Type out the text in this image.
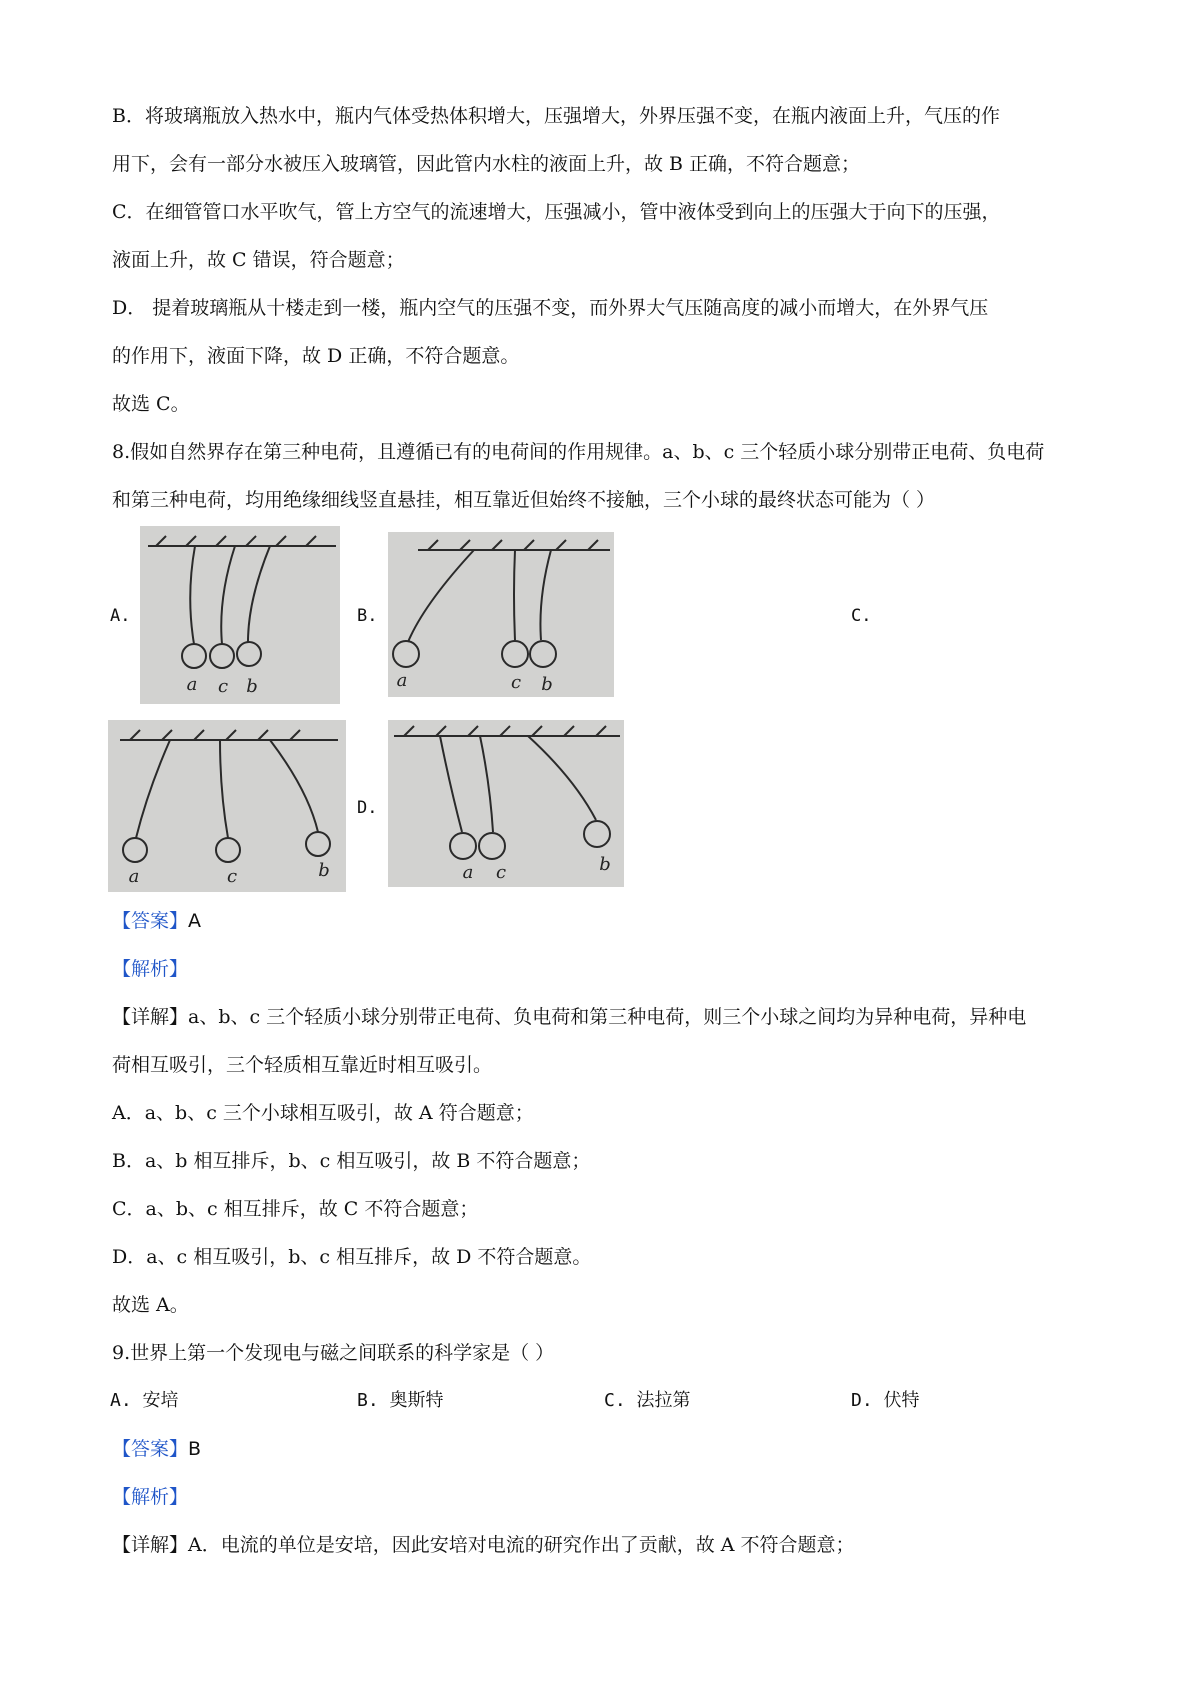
B．将玻璃瓶放入热水中，瓶内气体受热体积增大，压强增大，外界压强不变，在瓶内液面上升，气压的作
用下，会有一部分水被压入玻璃管，因此管内水柱的液面上升，故 B 正确，不符合题意；
C．在细管管口水平吹气，管上方空气的流速增大，压强减小，管中液体受到向上的压强大于向下的压强，
液面上升，故 C 错误，符合题意；
D． 提着玻璃瓶从十楼走到一楼，瓶内空气的压强不变，而外界大气压随高度的减小而增大，在外界气压
的作用下，液面下降，故 D 正确，不符合题意。
故选 C。
8.假如自然界存在第三种电荷，且遵循已有的电荷间的作用规律。a、b、c 三个轻质小球分别带正电荷、负电荷
和第三种电荷，均用绝缘细线竖直悬挂，相互靠近但始终不接触，三个小球的最终状态可能为（ ）
A.	B.	C.
D.
a c b	a	c b
a	c	b	a c	b
【答案】A
【解析】
【详解】a、b、c 三个轻质小球分别带正电荷、负电荷和第三种电荷，则三个小球之间均为异种电荷，异种电
荷相互吸引，三个轻质相互靠近时相互吸引。
A．a、b、c 三个小球相互吸引，故 A 符合题意；
B．a、b 相互排斥，b、c 相互吸引，故 B 不符合题意；
C．a、b、c 相互排斥，故 C 不符合题意；
D．a、c 相互吸引，b、c 相互排斥，故 D 不符合题意。
故选 A。
9.世界上第一个发现电与磁之间联系的科学家是（ ）
A. 安培	B. 奥斯特	C. 法拉第	D. 伏特
【答案】B
【解析】
【详解】A．电流的单位是安培，因此安培对电流的研究作出了贡献，故 A 不符合题意；
